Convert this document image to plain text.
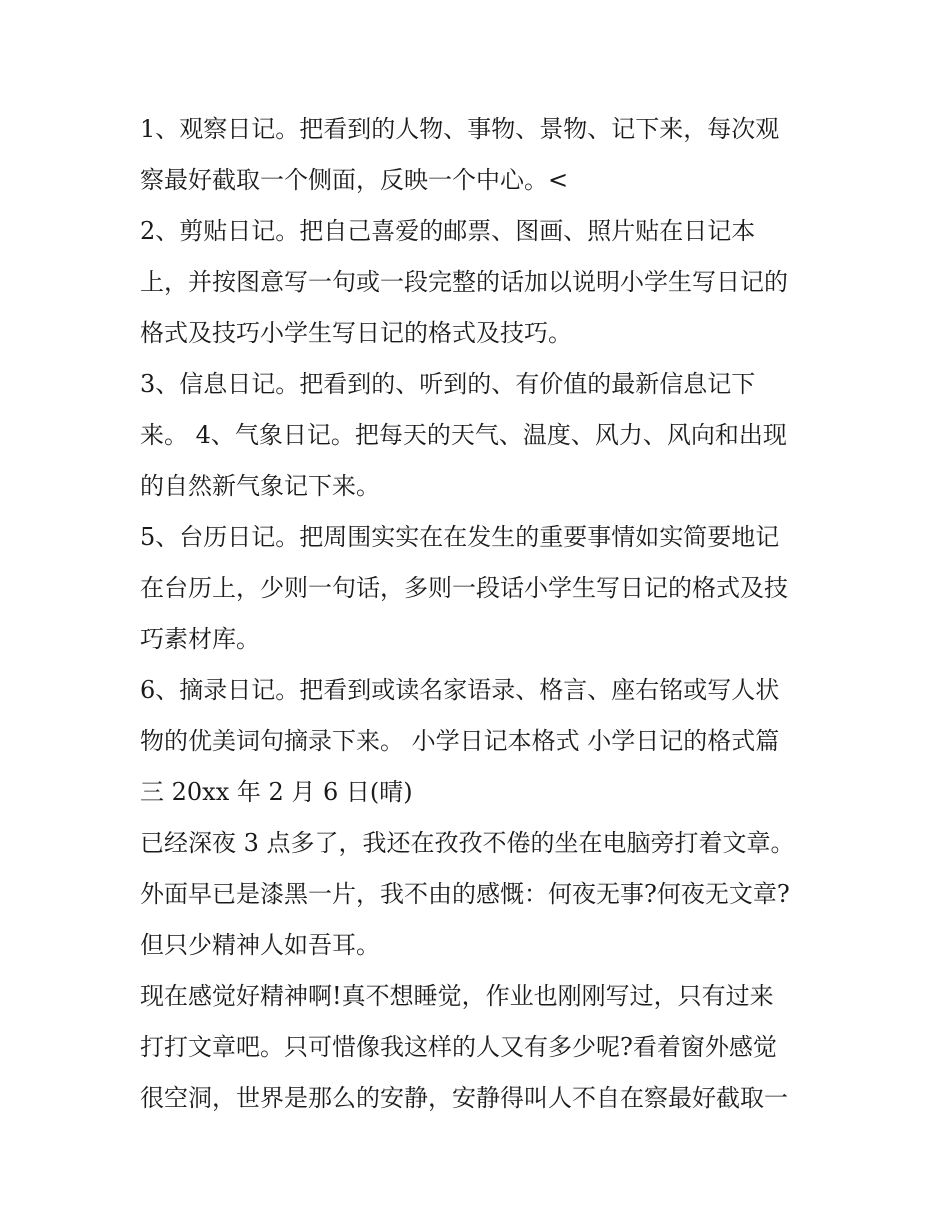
1、观察日记。把看到的人物、事物、景物、记下来，每次观
察最好截取一个侧面，反映一个中心。<
2、剪贴日记。把自己喜爱的邮票、图画、照片贴在日记本
上，并按图意写一句或一段完整的话加以说明小学生写日记的
格式及技巧小学生写日记的格式及技巧。
3、信息日记。把看到的、听到的、有价值的最新信息记下
来。 4、气象日记。把每天的天气、温度、风力、风向和出现
的自然新气象记下来。
5、台历日记。把周围实实在在发生的重要事情如实简要地记
在台历上，少则一句话，多则一段话小学生写日记的格式及技
巧素材库。
6、摘录日记。把看到或读名家语录、格言、座右铭或写人状
物的优美词句摘录下来。 小学日记本格式 小学日记的格式篇
三 20xx 年 2 月 6 日(晴)
已经深夜 3 点多了，我还在孜孜不倦的坐在电脑旁打着文章。
外面早已是漆黑一片，我不由的感慨：何夜无事?何夜无文章?
但只少精神人如吾耳。
现在感觉好精神啊!真不想睡觉，作业也刚刚写过，只有过来
打打文章吧。只可惜像我这样的人又有多少呢?看着窗外感觉
很空洞，世界是那么的安静，安静得叫人不自在察最好截取一
